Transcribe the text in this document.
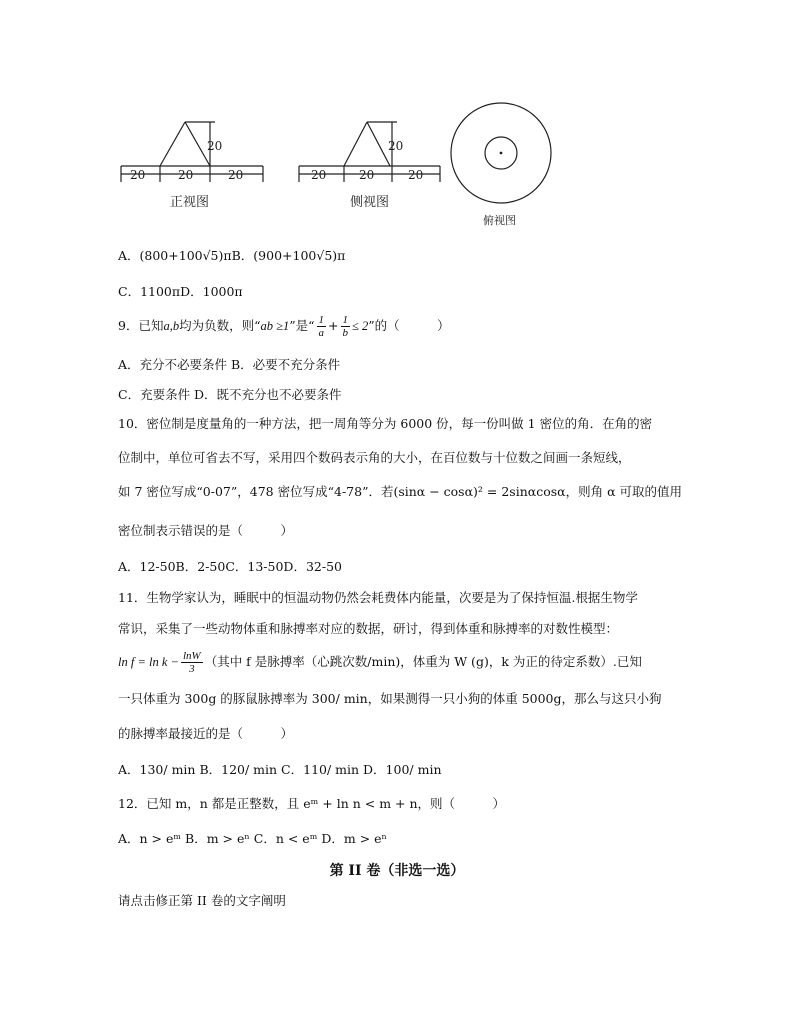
20	20	20
20
正视图
20	20	20
20
侧视图
俯视图
A．(800+100√5)πB．(900+100√5)π
C．1100πD．1000π
9．已知a,b均为负数，则“ab ≥1”是“ $\frac{1}{a} + \frac{1}{b} \le 2$”的（　　　）
A．充分不必要条件 B．必要不充分条件
C．充要条件 D．既不充分也不必要条件
10．密位制是度量角的一种方法，把一周角等分为 6000 份，每一份叫做 1 密位的角．在角的密
位制中，单位可省去不写，采用四个数码表示角的大小，在百位数与十位数之间画一条短线，
如 7 密位写成“0-07”，478 密位写成“4-78”．若(sinα − cosα)² = 2sinαcosα，则角 α 可取的值用
密位制表示错误的是（　　　）
A．12-50B．2-50C．13-50D．32-50
11．生物学家认为，睡眠中的恒温动物仍然会耗费体内能量，次要是为了保持恒温.根据生物学
常识，采集了一些动物体重和脉搏率对应的数据，研讨，得到体重和脉搏率的对数性模型：
$\ln f = \ln k - \frac{\ln W}{3}$ （其中 f 是脉搏率（心跳次数/min)，体重为 W (g)，k 为正的待定系数）.已知
一只体重为 300g 的豚鼠脉搏率为 300/ min，如果测得一只小狗的体重 5000g，那么与这只小狗
的脉搏率最接近的是（　　　）
A．130/ min B．120/ min C．110/ min D．100/ min
12．已知 m，n 都是正整数，且 eᵐ + ln n < m + n，则（　　　）
A．n > eᵐ B．m > eⁿ C．n < eᵐ D．m > eⁿ
第 II 卷（非选一选）
请点击修正第 II 卷的文字阐明
